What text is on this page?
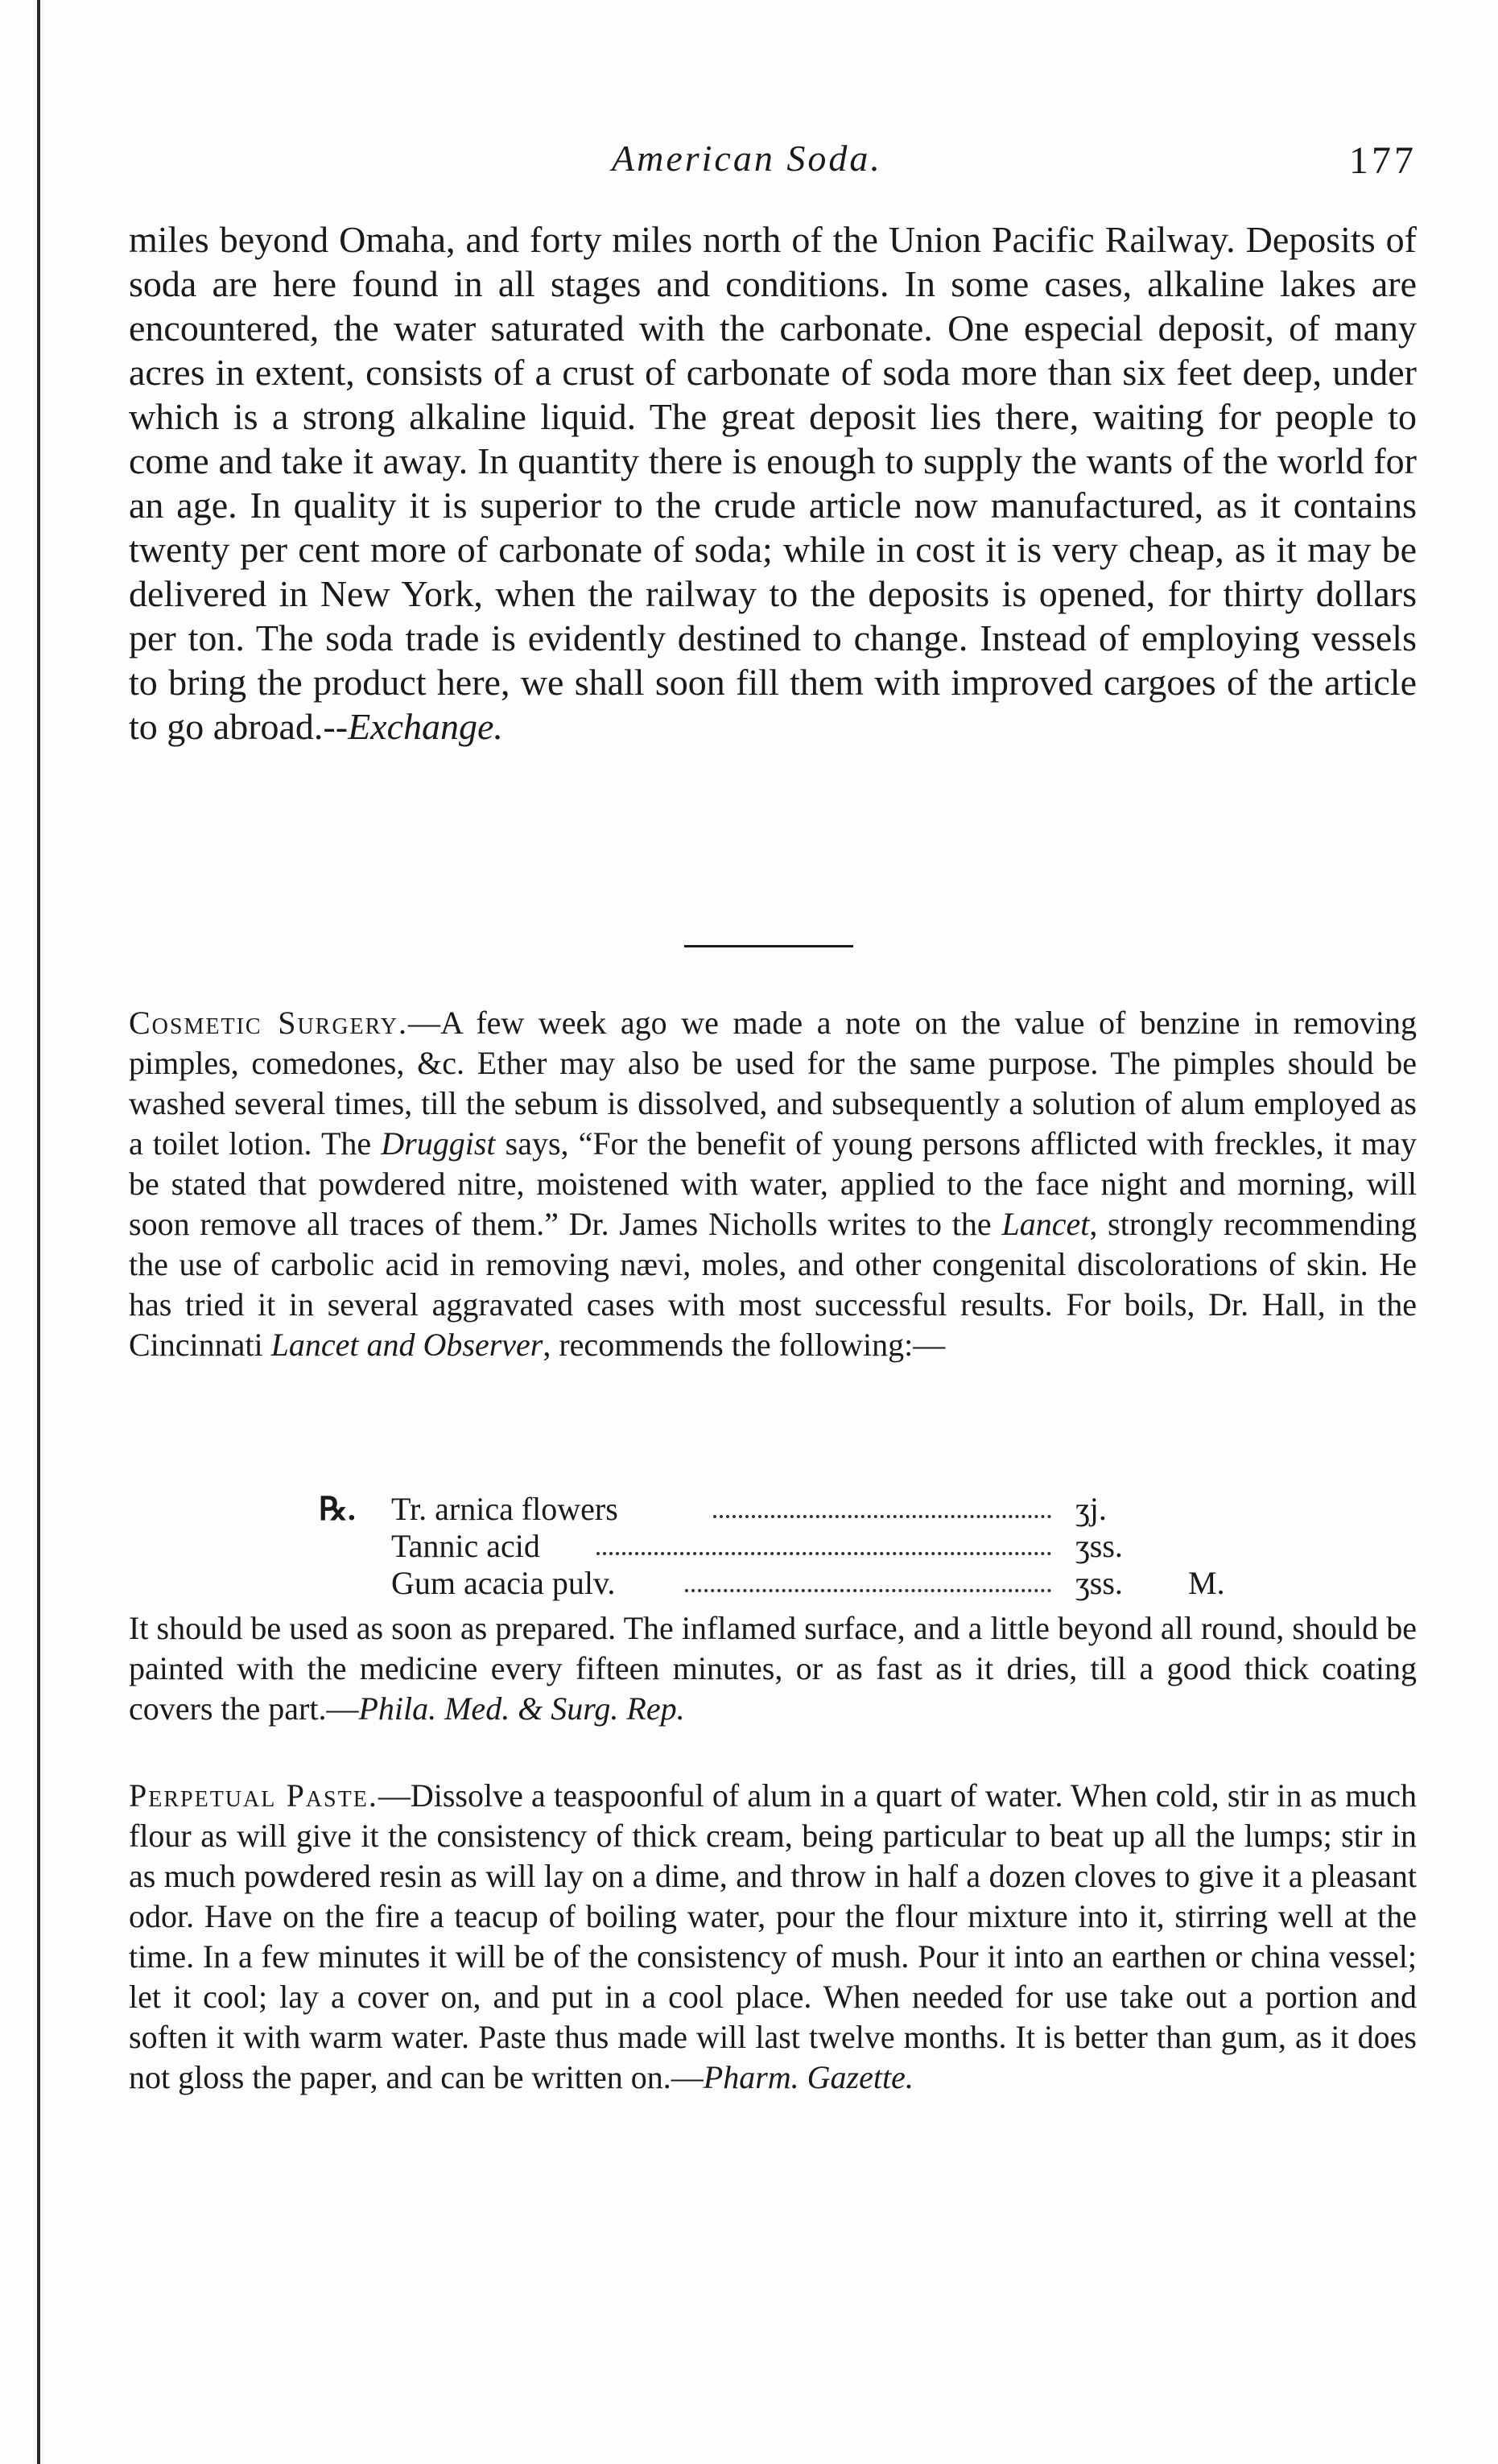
American Soda.	177

miles beyond Omaha, and forty miles north of the Union Pacific Railway. Deposits of soda are here found in all stages and conditions. In some cases, alkaline lakes are encountered, the water saturated with the carbonate. One especial deposit, of many acres in extent, consists of a crust of carbonate of soda more than six feet deep, under which is a strong alkaline liquid. The great deposit lies there, waiting for people to come and take it away. In quantity there is enough to supply the wants of the world for an age. In quality it is superior to the crude article now manufactured, as it contains twenty per cent more of carbonate of soda; while in cost it is very cheap, as it may be delivered in New York, when the railway to the deposits is opened, for thirty dollars per ton. The soda trade is evidently destined to change. Instead of employing vessels to bring the product here, we shall soon fill them with improved cargoes of the article to go abroad.--Exchange.

Cosmetic Surgery.—A few week ago we made a note on the value of benzine in removing pimples, comedones, &c. Ether may also be used for the same purpose. The pimples should be washed several times, till the sebum is dissolved, and subsequently a solution of alum employed as a toilet lotion. The Druggist says, “For the benefit of young persons afflicted with freckles, it may be stated that powdered nitre, moistened with water, applied to the face night and morning, will soon remove all traces of them.” Dr. James Nicholls writes to the Lancet, strongly recommending the use of carbolic acid in removing nævi, moles, and other congenital discolorations of skin. He has tried it in several aggravated cases with most successful results. For boils, Dr. Hall, in the Cincinnati Lancet and Observer, recommends the following:—

℞. Tr. arnica flowers	ʒj.
Tannic acid	ʒss.
Gum acacia pulv.	ʒss. M.

It should be used as soon as prepared. The inflamed surface, and a little beyond all round, should be painted with the medicine every fifteen minutes, or as fast as it dries, till a good thick coating covers the part.—Phila. Med. & Surg. Rep.

Perpetual Paste.—Dissolve a teaspoonful of alum in a quart of water. When cold, stir in as much flour as will give it the consistency of thick cream, being particular to beat up all the lumps; stir in as much powdered resin as will lay on a dime, and throw in half a dozen cloves to give it a pleasant odor. Have on the fire a teacup of boiling water, pour the flour mixture into it, stirring well at the time. In a few minutes it will be of the consistency of mush. Pour it into an earthen or china vessel; let it cool; lay a cover on, and put in a cool place. When needed for use take out a portion and soften it with warm water. Paste thus made will last twelve months. It is better than gum, as it does not gloss the paper, and can be written on.—Pharm. Gazette.
